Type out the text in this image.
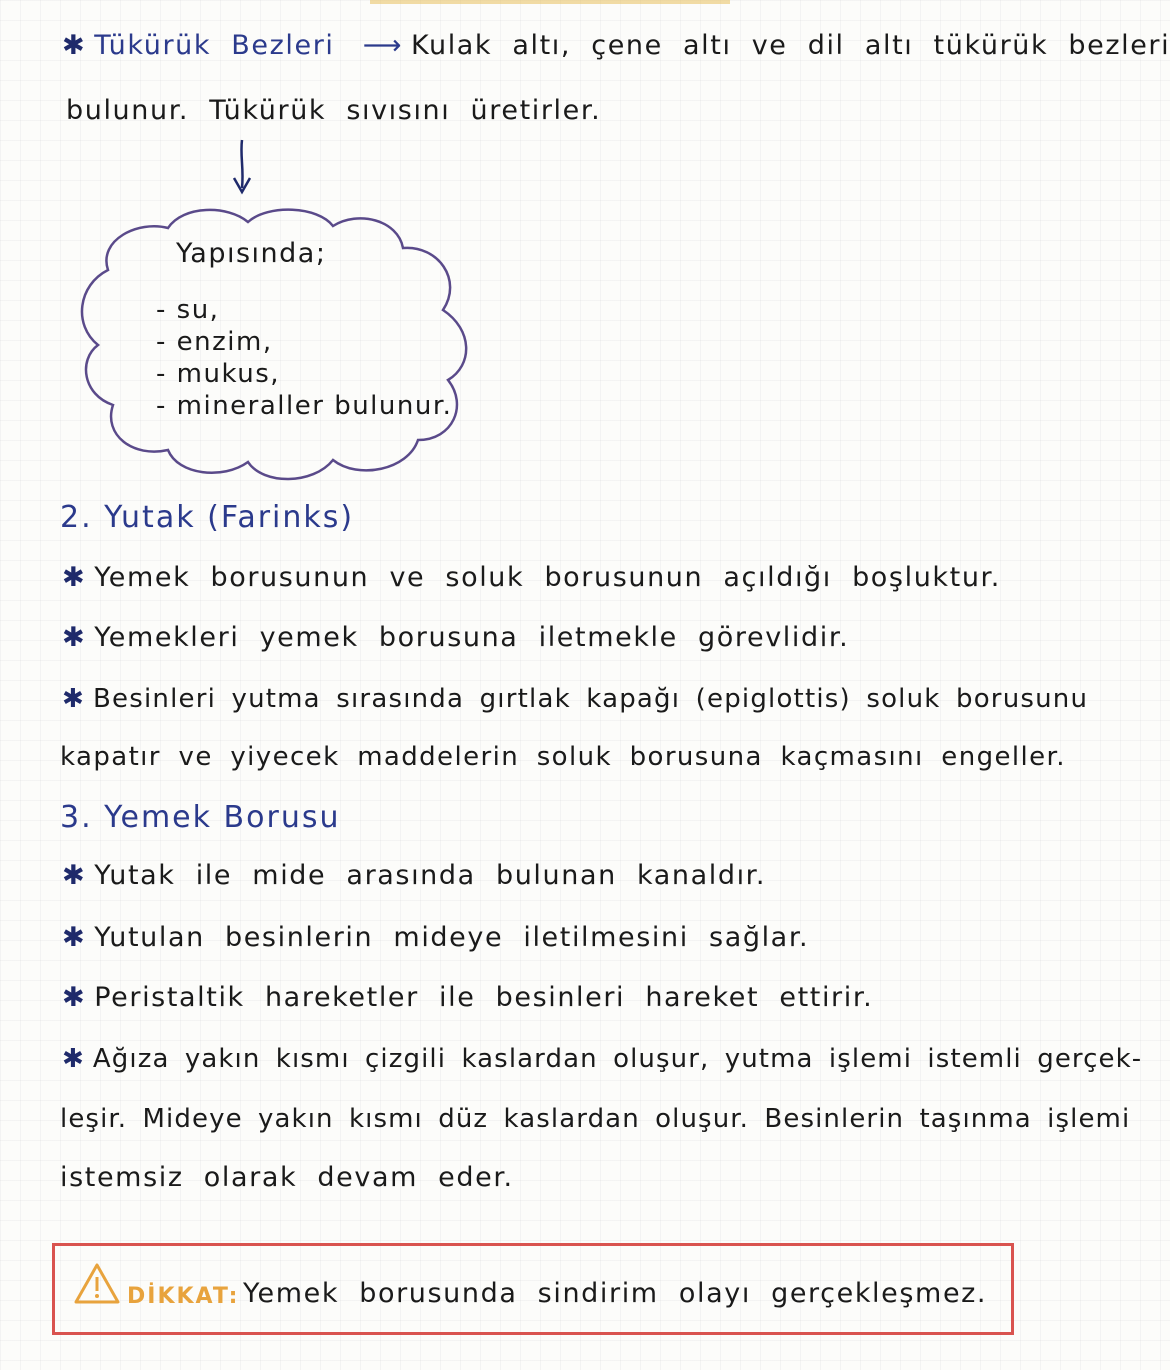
✱ Tükürük Bezleri ⟶ Kulak altı, çene altı ve dil altı tükürük bezleri
bulunur. Tükürük sıvısını üretirler.
Yapısında;
- su,
- enzim,
- mukus,
- mineraller bulunur.
2. Yutak (Farinks)
✱ Yemek borusunun ve soluk borusunun açıldığı boşluktur.
✱ Yemekleri yemek borusuna iletmekle görevlidir.
✱ Besinleri yutma sırasında gırtlak kapağı (epiglottis) soluk borusunu
kapatır ve yiyecek maddelerin soluk borusuna kaçmasını engeller.
3. Yemek Borusu
✱ Yutak ile mide arasında bulunan kanaldır.
✱ Yutulan besinlerin mideye iletilmesini sağlar.
✱ Peristaltik hareketler ile besinleri hareket ettirir.
✱ Ağıza yakın kısmı çizgili kaslardan oluşur, yutma işlemi istemli gerçek-
leşir. Mideye yakın kısmı düz kaslardan oluşur. Besinlerin taşınma işlemi
istemsiz olarak devam eder.
DİKKAT: Yemek borusunda sindirim olayı gerçekleşmez.
